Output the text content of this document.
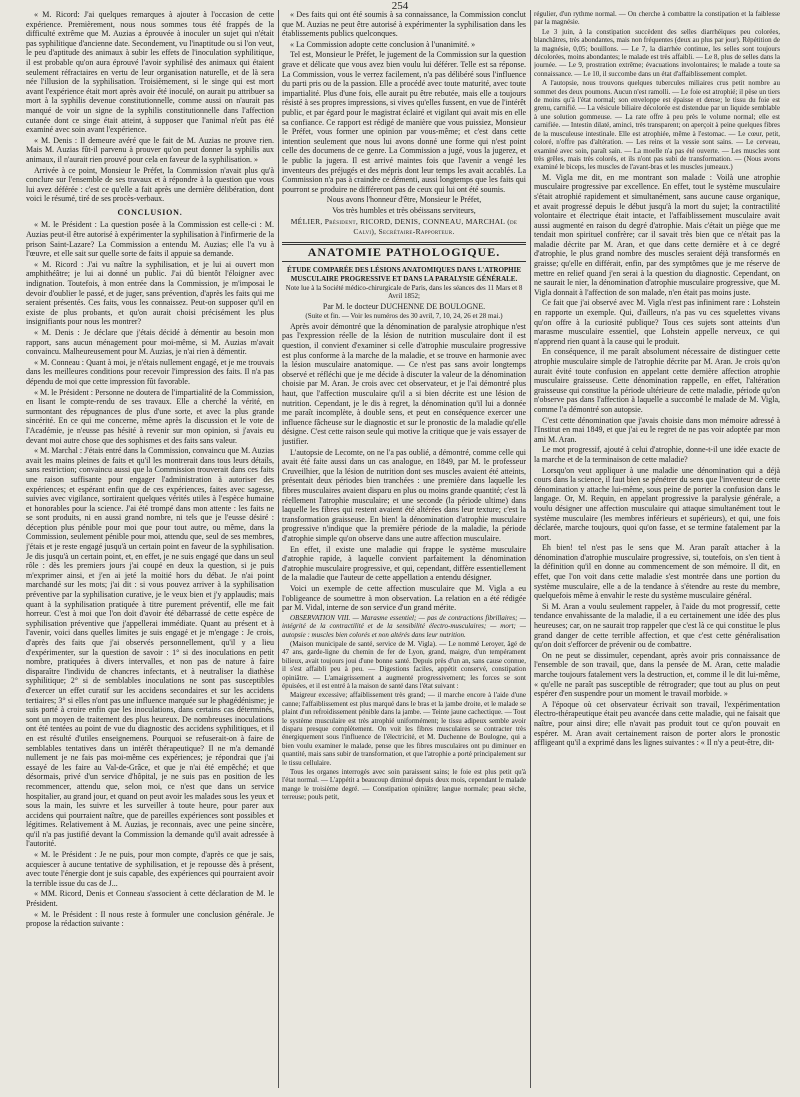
254

« M. Ricord: J'ai quelques remarques à ajouter à l'occasion de cette expérience. Premièrement, nous nous sommes tous été frappés de la difficulté extrême que M. Auzias a éprouvée à inoculer un sujet qui n'était pas syphilitique d'ancienne date. Secondement, vu l'inaptitude ou si l'on veut, le peu d'aptitude des animaux à subir les effets de l'inoculation syphilitique, il est probable qu'on aura éprouvé l'avoir syphilisé des animaux qui étaient seulement réfractaires en vertu de leur organisation naturelle, et de là sera née l'illusion de la syphilisation. Troisièmement, si le singe qui est mort avant l'expérience était mort après avoir été inoculé, on aurait pu attribuer sa mort à la syphilis devenue constitutionnelle, comme aussi on n'aurait pas manqué de voir un signe de la syphilis constitutionnelle dans l'affection cutanée dont ce singe était atteint, à supposer que l'animal n'eût pas été examiné avec soin avant l'expérience.

« M. Denis : Il demeure avéré que le fait de M. Auzias ne prouve rien. Mais M. Auzias fût-il parvenu à prouver qu'on peut donner la syphilis aux animaux, il n'aurait rien prouvé pour cela en faveur de la syphilisation. »

Arrivée à ce point, Monsieur le Préfet, la Commission n'avait plus qu'à conclure sur l'ensemble de ses travaux et à répondre à la question que vous lui avez déférée : c'est ce qu'elle a fait après une dernière délibération, dont voici le résumé, tiré de ses procès-verbaux.

CONCLUSION.

« M. le Président : La question posée à la Commission est celle-ci : M. Auzias peut-il être autorisé à expérimenter la syphilisation à l'infirmerie de la prison Saint-Lazare? La Commission a entendu M. Auzias; elle l'a vu à l'œuvre, et elle sait sur quelle sorte de faits il appuie sa demande.

« M. Ricord : J'ai vu naître la syphilisation, et je lui ai ouvert mon amphithéâtre; je lui ai donné un public. J'ai dû bientôt l'éloigner avec indignation. Toutefois, à mon entrée dans la Commission, je m'imposai le devoir d'oublier le passé, et de juger, sans prévention, d'après les faits qui me seraient présentés. Ces faits, vous les connaissez. Peut-on supposer qu'il en existe de plus probants, et qu'on aurait choisi précisément les plus insignifiants pour nous les montrer?

« M. Denis : Je déclare que j'étais décidé à démentir au besoin mon rapport, sans aucun ménagement pour moi-même, si M. Auzias m'avait convaincu. Malheureusement pour M. Auzias, je n'ai rien à démentir.

« M. Conneau : Quant à moi, je n'étais nullement engagé, et je me trouvais dans les meilleures conditions pour recevoir l'impression des faits. Il n'a pas dépendu de moi que cette impression fût favorable.

« M. le Président : Personne ne doutera de l'impartialité de la Commission, en lisant le compte-rendu de ses travaux. Elle a cherché la vérité, en surmontant des répugnances de plus d'une sorte, et avec la plus grande sincérité. En ce qui me concerne, même après la discussion et le vote de l'Académie, je n'eusse pas hésité à revenir sur mon opinion, si j'avais eu devant moi autre chose que des sophismes et des faits sans valeur.

« M. Marchal : J'étais entré dans la Commission, convaincu que M. Auzias avait les mains pleines de faits et qu'il les montrerait dans tous leurs détails, sans restriction; convaincu aussi que la Commission trouverait dans ces faits une raison suffisante pour engager l'administration à autoriser des expériences; et espérant enfin que de ces expériences, faites avec sagesse, suivies avec vigilance, sortiraient quelques vérités utiles à l'espèce humaine et honorables pour la science. J'ai été trompé dans mon attente : les faits ne se sont produits, ni en aussi grand nombre, ni tels que je l'eusse désiré : déception plus pénible pour moi que pour tout autre, ou même, dans la Commission, seulement pénible pour moi, attendu que, seul de ses membres, j'étais et je reste engagé jusqu'à un certain point en faveur de la syphilisation. Je dis jusqu'à un certain point, et, en effet, je ne suis engagé que dans un seul rôle : dès les premiers jours j'ai coupé en deux la question, si je puis m'exprimer ainsi, et j'en ai jeté la moitié hors du débat. Je n'ai point marchandé sur les mots; j'ai dit : si vous pouvez arriver à la syphilisation préventive par la syphilisation curative, je le veux bien et j'y applaudis; mais quant à la syphilisation pratiquée à titre purement préventif, elle me fait horreur. C'est à moi que l'on doit d'avoir été débarrassé de cette espèce de syphilisation préventive que j'appellerai immédiate. Quant au présent et à l'avenir, voici dans quelles limites je suis engagé et je m'engage : Je crois, d'après des faits que j'ai observés personnellement, qu'il y a lieu d'expérimenter, sur la question de savoir : 1° si des inoculations en petit nombre, pratiquées à divers intervalles, et non pas de nature à faire disparaître l'individu de chancres infectants, et à neutraliser la diathèse syphilitique; 2° si de semblables inoculations ne sont pas susceptibles d'exercer un effet curatif sur les accidens secondaires et sur les accidens tertiaires; 3° si elles n'ont pas une influence marquée sur le phagédénisme; je suis porté à croire enfin que les inoculations, dans certains cas déterminés, sont un moyen de traitement des plus heureux. De nombreuses inoculations ont été tentées au point de vue du diagnostic des accidens syphilitiques, et il en est résulté d'utiles enseignemens. Pourquoi se refuserait-on à faire de semblables tentatives dans un intérêt thérapeutique? Il ne m'a demandé nullement je ne fais pas moi-même ces expériences; je répondrai que j'ai essayé de les faire au Val-de-Grâce, et que je n'ai été empêché; et que désormais, privé d'un service d'hôpital, je ne suis pas en position de les recommencer, attendu que, selon moi, ce n'est que dans un service hospitalier, au grand jour, et quand on peut avoir les malades sous les yeux et sous la main, les suivre et les surveiller à toute heure, pour parer aux accidens qui pourraient naître, que de pareilles expériences sont possibles et légitimes. Relativement à M. Auzias, je reconnais, avec une peine sincère, qu'il n'a pas justifié devant la Commission la demande qu'il avait adressée à l'autorité.

« M. le Président : Je ne puis, pour mon compte, d'après ce que je sais, acquiescer à aucune tentative de syphilisation, et je repousse dès à présent, avec toute l'énergie dont je suis capable, des expériences qui pourraient avoir la terrible issue du cas de J...

« MM. Ricord, Denis et Conneau s'associent à cette déclaration de M. le Président.

« M. le Président : Il nous reste à formuler une conclusion générale. Je propose la rédaction suivante :

« Des faits qui ont été soumis à sa connaissance, la Commission conclut que M. Auzias ne peut être autorisé à expérimenter la syphilisation dans les établissements publics quelconques.

« La Commission adopte cette conclusion à l'unanimité. »

Tel est, Monsieur le Préfet, le jugement de la Commission sur la question grave et délicate que vous avez bien voulu lui déférer. Telle est sa réponse. La Commission, vous le verrez facilement, n'a pas délibéré sous l'influence du parti pris ou de la passion. Elle a procédé avec toute maturité, avec toute impartialité. Plus d'une fois, elle aurait pu être rebutée, mais elle a toujours résisté à ses propres impressions, si vives qu'elles fussent, en vue de l'intérêt public, et par égard pour le magistrat éclairé et vigilant qui avait mis en elle sa confiance. Ce rapport est rédigé de manière que vous puissiez, Monsieur le Préfet, vous former une opinion par vous-même; et c'est dans cette intention seulement que nous lui avons donné une forme qui n'est point celle des documens de ce genre. La Commission a jugé, vous la jugerez, et le public la jugera. Il est arrivé maintes fois que l'avenir a vengé les inventeurs des préjugés et des mépris dont leur temps les avait accablés. La Commission n'a pas à craindre ce démenti, aussi longtemps que les faits qui pourront se produire ne différeront pas de ceux qui lui ont été soumis.

Nous avons l'honneur d'être, Monsieur le Préfet,

Vos très humbles et très obéissans serviteurs,

MÉLIER, Président, RICORD, DENIS, CONNEAU, MARCHAL (de Calvi), Secrétaire-Rapporteur.

ANATOMIE PATHOLOGIQUE.

ÉTUDE COMPARÉE DES LÉSIONS ANATOMIQUES DANS L'ATROPHIE MUSCULAIRE PROGRESSIVE ET DANS LA PARALYSIE GÉNÉRALE.

Note lue à la Société médico-chirurgicale de Paris, dans les séances des 11 Mars et 8 Avril 1852;

Par M. le docteur DUCHENNE DE BOULOGNE.

(Suite et fin. — Voir les numéros des 30 avril, 7, 10, 24, 26 et 28 mai.)

Après avoir démontré que la dénomination de paralysie atrophique n'est pas l'expression réelle de la lésion de nutrition musculaire dont il est question, il convient d'examiner si celle d'atrophie musculaire progressive est plus conforme à la marche de la maladie, et se trouve en harmonie avec la lésion musculaire anatomique. — Ce n'est pas sans avoir longtemps observé et réfléchi que je me décide à discuter la valeur de la dénomination choisie par M. Aran. Je crois avec cet observateur, et je l'ai démontré plus haut, que l'affection musculaire qu'il a si bien décrite est une lésion de nutrition. Cependant, je le dis à regret, la dénomination qu'il lui a donnée me paraît incomplète, à double sens, et peut en conséquence exercer une influence fâcheuse sur le diagnostic et sur le pronostic de la maladie qu'elle désigne. C'est cette raison seule qui motive la critique que je vais essayer de justifier.

L'autopsie de Lecomte, on ne l'a pas oublié, a démontré, comme celle qui avait été faite aussi dans un cas analogue, en 1849, par M. le professeur Cruveilhier, que la lésion de nutrition dont ses muscles avaient été atteints, présentait deux périodes bien tranchées : une première dans laquelle les fibres musculaires avaient disparu en plus ou moins grande quantité; c'est là réellement l'atrophie musculaire; et une seconde (la période ultime) dans laquelle les fibres qui restent avaient été altérées dans leur texture; c'est la transformation graisseuse. En bien! la dénomination d'atrophie musculaire progressive n'indique que la première période de la maladie, la période d'atrophie simple qu'on observe dans une autre affection musculaire.

En effet, il existe une maladie qui frappe le système musculaire d'atrophie rapide, à laquelle convient parfaitement la dénomination d'atrophie musculaire progressive, et qui, cependant, diffère essentiellement de la maladie que l'auteur de cette appellation a entendu désigner.

Voici un exemple de cette affection musculaire que M. Vigla a eu l'obligeance de soumettre à mon observation. La relation en a été rédigée par M. Vidal, interne de son service d'un grand mérite.

OBSERVATION VIII. — Marasme essentiel; — pas de contractions fibrillaires; — intégrité de la contractilité et de la sensibilité électro-musculaires; — mort; — autopsie : muscles bien colorés et non altérés dans leur nutrition.

(Maison municipale de santé, service de M. Vigla). — Le nommé Leroyer, âgé de 47 ans, garde-ligne du chemin de fer de Lyon, grand, maigre, d'un tempérament bilieux, avait toujours joui d'une bonne santé. Depuis près d'un an, sans cause connue, il s'est affaibli peu à peu. — Digestions faciles, appétit conservé, constipation opiniâtre. — L'amaigrissement a augmenté progressivement; les forces se sont épuisées, et il est entré à la maison de santé dans l'état suivant :

Maigreur excessive; affaiblissement très grand; — il marche encore à l'aide d'une canne; l'affaiblissement est plus marqué dans le bras et la jambe droite, et le malade se plaint d'un refroidissement pénible dans la jambe. — Teinte jaune cachectique. — Tout le système musculaire est très atrophié uniformément; le tissu adipeux semble avoir disparu presque complètement. On voit les fibres musculaires se contracter très énergiquement sous l'influence de l'électricité, et M. Duchenne de Boulogne, qui a bien voulu examiner le malade, pense que les fibres musculaires ont pu diminuer en quantité, mais sans subir de transformation, et que l'atrophie a porté principalement sur le tissu cellulaire.

Tous les organes interrogés avec soin paraissent sains; le foie est plus petit qu'à l'état normal. — L'appétit a beaucoup diminué depuis deux mois, cependant le malade mange le troisième degré. — Constipation opiniâtre; langue normale; peau sèche, terreuse; pouls petit,

régulier, d'un rythme normal. — On cherche à combattre la constipation et la faiblesse par la magnésie.

Le 3 juin, à la constipation succèdent des selles diarrhéiques peu colorées, blanchâtres, très abondantes, mais non fréquentes (deux au plus par jour). Répétition de la magnésie, 0,05; bouillons. — Le 7, la diarrhée continue, les selles sont toujours décolorées, moins abondantes; le malade est très affaibli. — Le 8, plus de selles dans la journée. — Le 9, prostration extrême; évacuations involontaires; le malade a toute sa connaissance. — Le 10, il succombe dans un état d'affaiblissement complet.

A l'autopsie, nous trouvons quelques tubercules miliaires crus petit nombre au sommet des deux poumons. Aucun n'est ramolli. — Le foie est atrophié; il pèse un tiers de moins qu'à l'état normal; son enveloppe est épaisse et dense; le tissu du foie est grenu, carnifié. — La vésicule biliaire décolorée est distendue par un liquide semblable à une solution gommeuse. — La rate offre à peu près le volume normal; elle est carnifiée. — Intestin dilaté, aminci, très transparent; on aperçoit à peine quelques fibres de la musculeuse intestinale. Elle est atrophiée, même à l'estomac. — Le cœur, petit, coloré, n'offre pas d'altération. — Les reins et la vessie sont sains. — Le cerveau, examiné avec soin, paraît sain. — La moelle n'a pas été ouverte. — Les muscles sont très grêles, mais très colorés, et ils n'ont pas subi de transformation. — (Nous avons examiné le biceps, les muscles de l'avant-bras et les muscles jumeaux.)

M. Vigla me dit, en me montrant son malade : Voilà une atrophie musculaire progressive par excellence. En effet, tout le système musculaire s'était atrophié rapidement et simultanément, sans aucune cause organique, et avait progressé depuis le début jusqu'à la mort du sujet; la contractilité volontaire et électrique était intacte, et l'affaiblissement musculaire avait aussi augmenté en raison du degré d'atrophie. Mais c'était un piège que me tendait mon spirituel confrère; car il savait très bien que ce n'était pas la maladie décrite par M. Aran, et que dans cette dernière et à ce degré d'atrophie, le plus grand nombre des muscles seraient déjà transformés en graisse; qu'elle en différait, enfin, par des symptômes que je me réserve de mettre en relief quand j'en serai à la question du diagnostic. Cependant, on ne saurait le nier, la dénomination d'atrophie musculaire progressive, que M. Vigla donnait à l'affection de son malade, n'en était pas moins juste.

Ce fait que j'ai observé avec M. Vigla n'est pas infiniment rare : Lohstein en rapporte un exemple. Qui, d'ailleurs, n'a pas vu ces squelettes vivans qu'on offre à la curiosité publique? Tous ces sujets sont atteints d'un marasme musculaire essentiel, que Lohstein appelle nerveux, ce qui n'apprend rien quant à la cause qui le produit.

En conséquence, il me paraît absolument nécessaire de distinguer cette atrophie musculaire simple de l'atrophie décrite par M. Aran. Je crois qu'on aurait évité toute confusion en appelant cette dernière affection atrophie musculaire graisseuse. Cette dénomination rappelle, en effet, l'altération graisseuse qui constitue la période ultérieure de cette maladie, période qu'on n'observe pas dans l'affection à laquelle a succombé le malade de M. Vigla, comme l'a démontré son autopsie.

C'est cette dénomination que j'avais choisie dans mon mémoire adressé à l'Institut en mai 1849, et que j'ai eu le regret de ne pas voir adoptée par mon ami M. Aran.

Le mot progressif, ajouté à celui d'atrophie, donne-t-il une idée exacte de la marche et de la terminaison de cette maladie?

Lorsqu'on veut appliquer à une maladie une dénomination qui a déjà cours dans la science, il faut bien se pénétrer du sens que l'inventeur de cette dénomination y attache lui-même, sous peine de porter la confusion dans le langage. Or, M. Requin, en appelant progressive la paralysie générale, a voulu désigner une affection musculaire qui attaque simultanément tout le système musculaire (les membres inférieurs et supérieurs), et qui, une fois déclarée, marche toujours, quoi qu'on fasse, et se termine fatalement par la mort.

Eh bien! tel n'est pas le sens que M. Aran paraît attacher à la dénomination d'atrophie musculaire progressive, si, toutefois, on s'en tient à la définition qu'il en donne au commencement de son mémoire. Il dit, en effet, que l'on voit dans cette maladie s'est montrée dans une portion du système musculaire, elle a de la tendance à s'étendre au reste du membre, quelquefois même à envahir le reste du système musculaire général.

Si M. Aran a voulu seulement rappeler, à l'aide du mot progressif, cette tendance envahissante de la maladie, il a eu certainement une idée des plus heureuses; car, on ne saurait trop rappeler que c'est là ce qui constitue le plus grand danger de cette terrible affection, et que c'est cette généralisation qu'on doit s'efforcer de prévenir ou de combattre.

On ne peut se dissimuler, cependant, après avoir pris connaissance de l'ensemble de son travail, que, dans la pensée de M. Aran, cette maladie marche toujours fatalement vers la destruction, et, comme il le dit lui-même, « qu'elle ne paraît pas susceptible de rétrograder; que tout au plus on peut espérer d'en suspendre pour un moment le travail morbide. »

A l'époque où cet observateur écrivait son travail, l'expérimentation électro-thérapeutique était peu avancée dans cette maladie, qui ne faisait que naître, pour ainsi dire; elle n'avait pas produit tout ce qu'on pouvait en espérer. M. Aran avait certainement raison de porter alors le pronostic affligeant qu'il a exprimé dans les lignes suivantes : « Il n'y a peut-être, dit-
